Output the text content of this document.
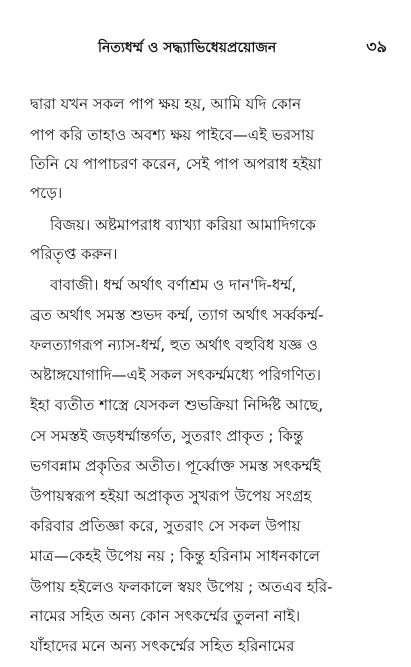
নিত্যধর্ম্ম ও সদ্ধ্যাভিধেয়প্রয়োজন	৩৯
দ্বারা যখন সকল পাপ ক্ষয় হয়, আমি যদি কোন
পাপ করি তাহাও অবশ্য ক্ষয় পাইবে—এই ভরসায়
তিনি যে পাপাচরণ করেন, সেই পাপ অপরাধ হইয়া
পড়ে।
বিজয়। অষ্টমাপরাধ ব্যাখ্যা করিয়া আমাদিগকে
পরিতৃপ্ত করুন।
বাবাজী। ধর্ম্ম অর্থাৎ বর্ণাশ্রম ও দান'দি-ধর্ম্ম,
ব্রত অর্থাৎ সমস্ত শুভদ কর্ম্ম, ত্যাগ অর্থাৎ সর্ব্বকর্ম্ম-
ফলত্যাগরূপ ন্যাস-ধর্ম্ম, হুত অর্থাৎ বহুবিধ যজ্ঞ ও
অষ্টাঙ্গযোগাদি—এই সকল সৎকর্ম্মমধ্যে পরিগণিত।
ইহা ব্যতীত শাস্ত্রে যেসকল শুভক্রিয়া নির্দ্দিষ্ট আছে,
সে সমস্তই জড়ধর্ম্মান্তর্গত, সুতরাং প্রাকৃত ; কিন্তু
ভগবন্নাম প্রকৃতির অতীত। পূর্ব্বোক্ত সমস্ত সৎকর্ম্মই
উপায়স্বরূপ হইয়া অপ্রাকৃত সুখরূপ উপেয় সংগ্রহ
করিবার প্রতিজ্ঞা করে, সুতরাং সে সকল উপায়
মাত্র—কেহই উপেয় নয় ; কিন্তু হরিনাম সাধনকালে
উপায় হইলেও ফলকালে স্বয়ং উপেয় ; অতএব হরি-
নামের সহিত অন্য কোন সৎকর্ম্মের তুলনা নাই।
যাঁহাদের মনে অন্য সৎকর্ম্মের সহিত হরিনামের
